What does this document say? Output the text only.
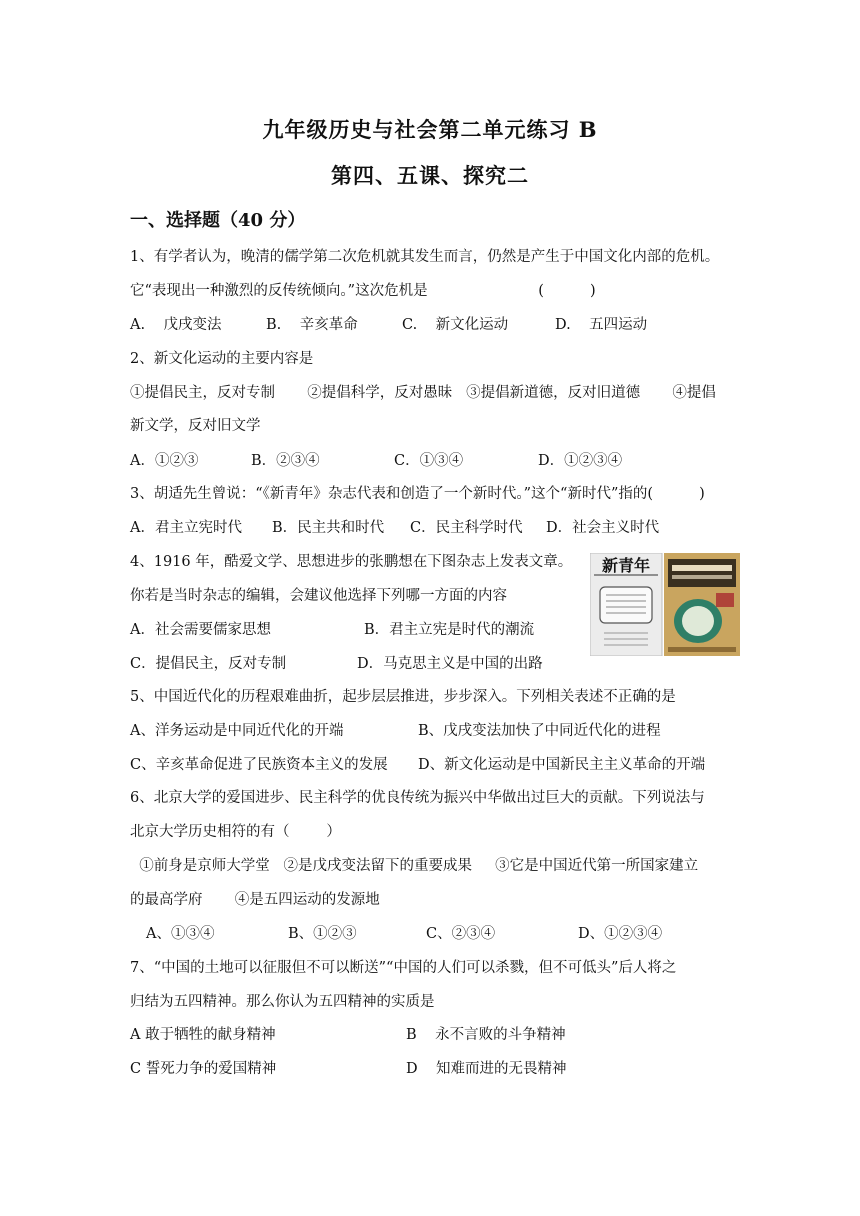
九年级历史与社会第二单元练习 B
第四、五课、探究二
一、选择题（40 分）
1、有学者认为，晚清的儒学第二次危机就其发生而言，仍然是产生于中国文化内部的危机。
它“表现出一种激烈的反传统倾向。”这次危机是                        (          )
A.    戊戌变法	B.    辛亥革命	C.    新文化运动	D.    五四运动
2、新文化运动的主要内容是
①提倡民主，反对专制       ②提倡科学，反对愚昧   ③提倡新道德，反对旧道德       ④提倡
新文学，反对旧文学
A．①②③	B．②③④	C．①③④	D．①②③④
3、胡适先生曾说：“《新青年》杂志代表和创造了一个新时代。”这个“新时代”指的(          )
A．君主立宪时代 B．民主共和时代 C．民主科学时代 D．社会主义时代
4、1916 年，酷爱文学、思想进步的张鹏想在下图杂志上发表文章。
你若是当时杂志的编辑，会建议他选择下列哪一方面的内容
A．社会需要儒家思想	B．君主立宪是时代的潮流
C．提倡民主，反对专制	D．马克思主义是中国的出路
新青年
5、中国近代化的历程艰难曲折，起步层层推进，步步深入。下列相关表述不正确的是
A、洋务运动是中同近代化的开端	B、戊戌变法加快了中同近代化的进程
C、辛亥革命促进了民族资本主义的发展 D、新文化运动是中国新民主主义革命的开端
6、北京大学的爱国进步、民主科学的优良传统为振兴中华做出过巨大的贡献。下列说法与
北京大学历史相符的有（        ）
①前身是京师大学堂   ②是戊戌变法留下的重要成果     ③它是中国近代第一所国家建立
的最高学府       ④是五四运动的发源地
A、①③④	B、①②③	C、②③④	D、①②③④
7、“中国的土地可以征服但不可以断送”“中国的人们可以杀戮，但不可低头”后人将之
归结为五四精神。那么你认为五四精神的实质是
A 敢于牺牲的献身精神	B    永不言败的斗争精神
C 誓死力争的爱国精神	D    知难而进的无畏精神
